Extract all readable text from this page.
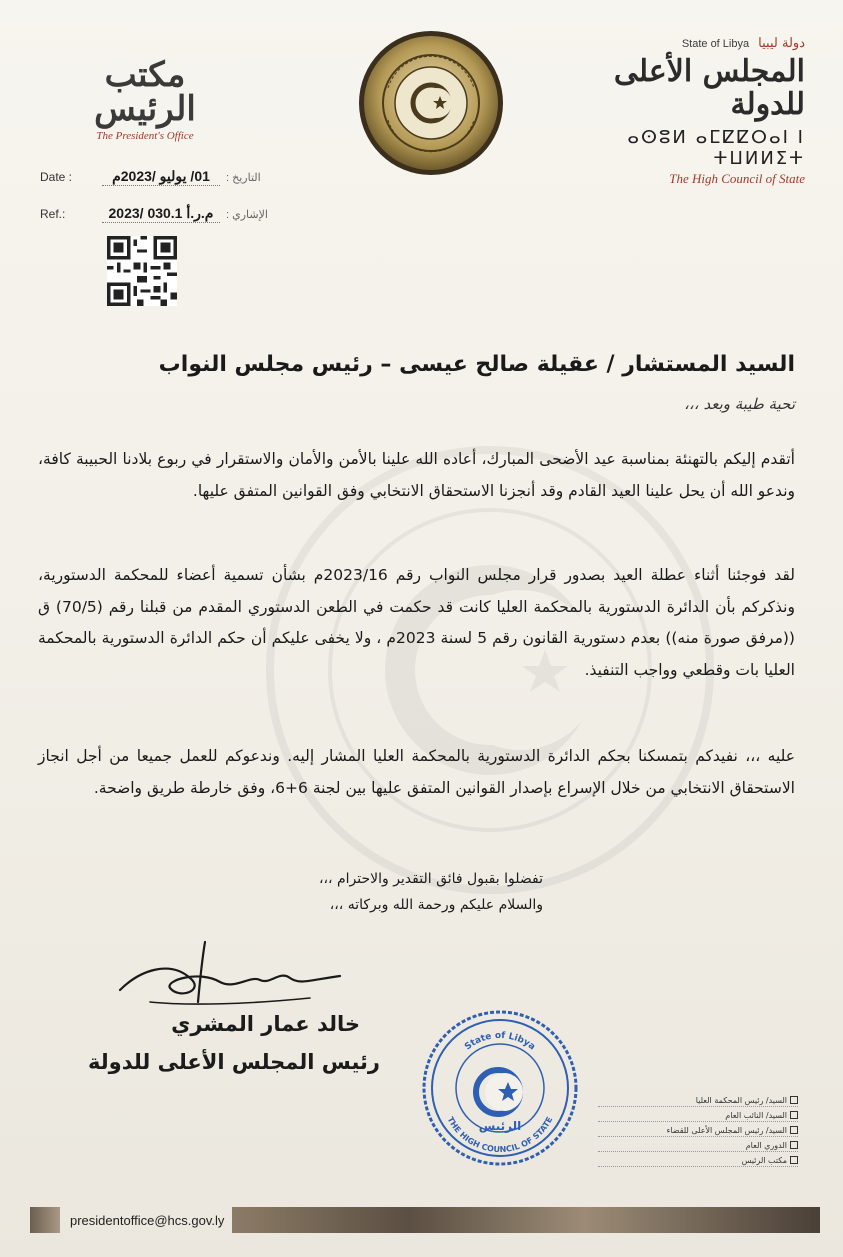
مكتب الرئيس
The President's Office
State of Libya دولة ليبيا
المجلس الأعلى للدولة
ⴰⵙⵓⵍ ⴰⵎⵇⵇⵔⴰⵏ ⵏ ⵜⵡⵍⵍⵉⵜ
The High Council of State
Date :	01/ يوليو /2023م	التاريخ :
Ref.:	م.ر.أ 030.1 /2023	الإشاري :
السيد المستشار / عقيلة صالح عيسى – رئيس مجلس النواب
تحية طيبة وبعد ،،،
أتقدم إليكم بالتهنئة بمناسبة عيد الأضحى المبارك، أعاده الله علينا بالأمن والأمان والاستقرار في ربوع بلادنا الحبيبة كافة، وندعو الله أن يحل علينا العيد القادم وقد أنجزنا الاستحقاق الانتخابي وفق القوانين المتفق عليها.
لقد فوجئنا أثناء عطلة العيد بصدور قرار مجلس النواب رقم 2023/16م بشأن تسمية أعضاء للمحكمة الدستورية، ونذكركم بأن الدائرة الدستورية بالمحكمة العليا كانت قد حكمت في الطعن الدستوري المقدم من قبلنا رقم (70/5) ق ((مرفق صورة منه)) بعدم دستورية القانون رقم 5 لسنة 2023م ، ولا يخفى عليكم أن حكم الدائرة الدستورية بالمحكمة العليا بات وقطعي وواجب التنفيذ.
عليه ،،، نفيدكم بتمسكنا بحكم الدائرة الدستورية بالمحكمة العليا المشار إليه. وندعوكم للعمل جميعا من أجل انجاز الاستحقاق الانتخابي من خلال الإسراع بإصدار القوانين المتفق عليها بين لجنة 6+6، وفق خارطة طريق واضحة.
تفضلوا بقبول فائق التقدير والاحترام ،،،
والسلام عليكم ورحمة الله وبركاته ،،،
خالد عمار المشري
رئيس المجلس الأعلى للدولة
State of Libya
THE HIGH COUNCIL OF STATE
الرئيس
السيد/ رئيس المحكمة العليا
السيد/ النائب العام
السيد/ رئيس المجلس الأعلى للقضاء
الدوري العام
مكتب الرئيس
presidentoffice@hcs.gov.ly
